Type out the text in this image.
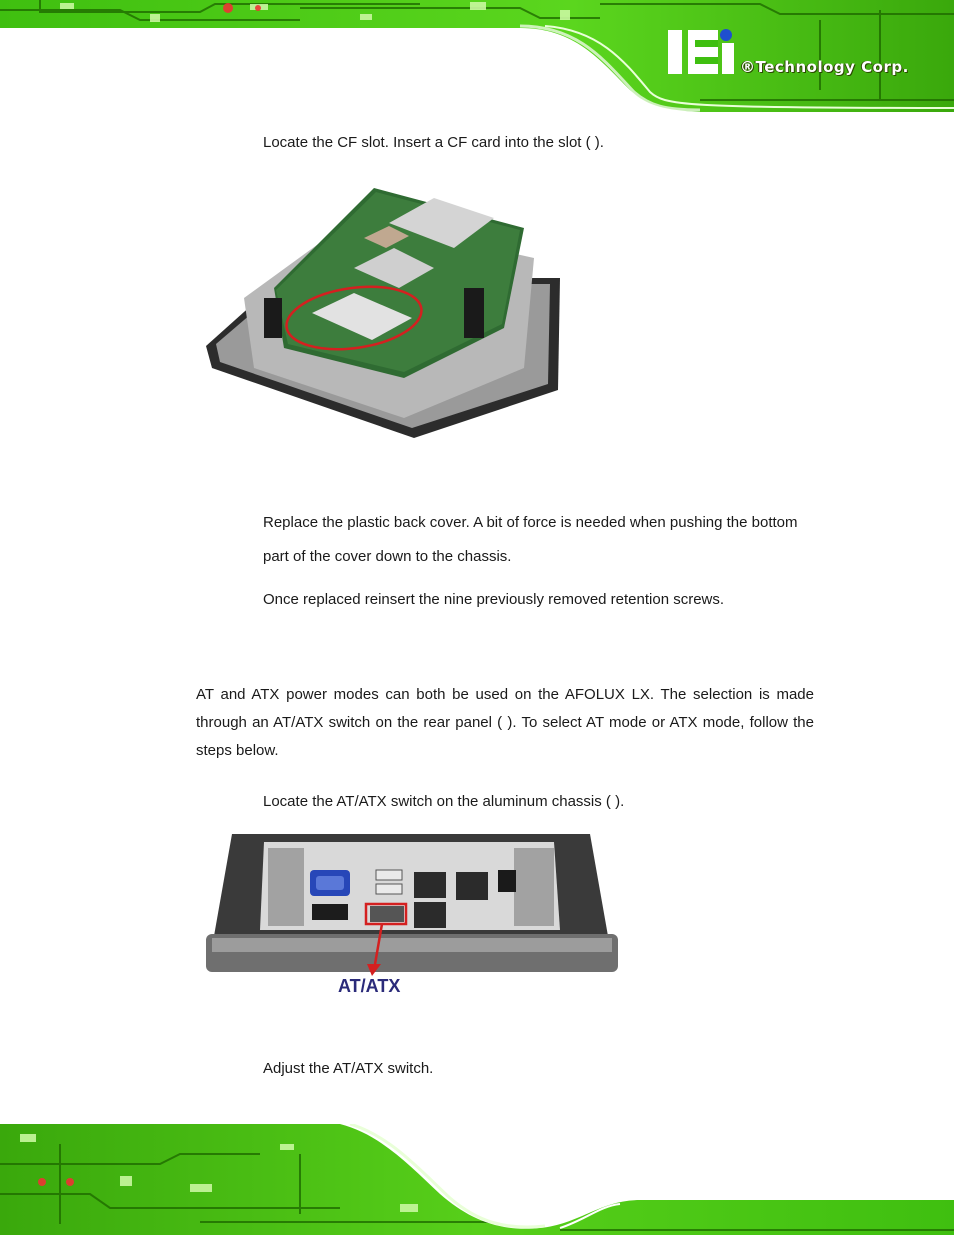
®Technology Corp.
Locate the CF slot. Insert a CF card into the slot ( ).
Replace the plastic back cover. A bit of force is needed when pushing the bottom
part of the cover down to the chassis.
Once replaced reinsert the nine previously removed retention screws.
AT and ATX power modes can both be used on the AFOLUX LX. The selection is made through an AT/ATX switch on the rear panel ( ). To select AT mode or ATX mode, follow the steps below.
Locate the AT/ATX switch on the aluminum chassis ( ).
AT/ATX
Adjust the AT/ATX switch.
